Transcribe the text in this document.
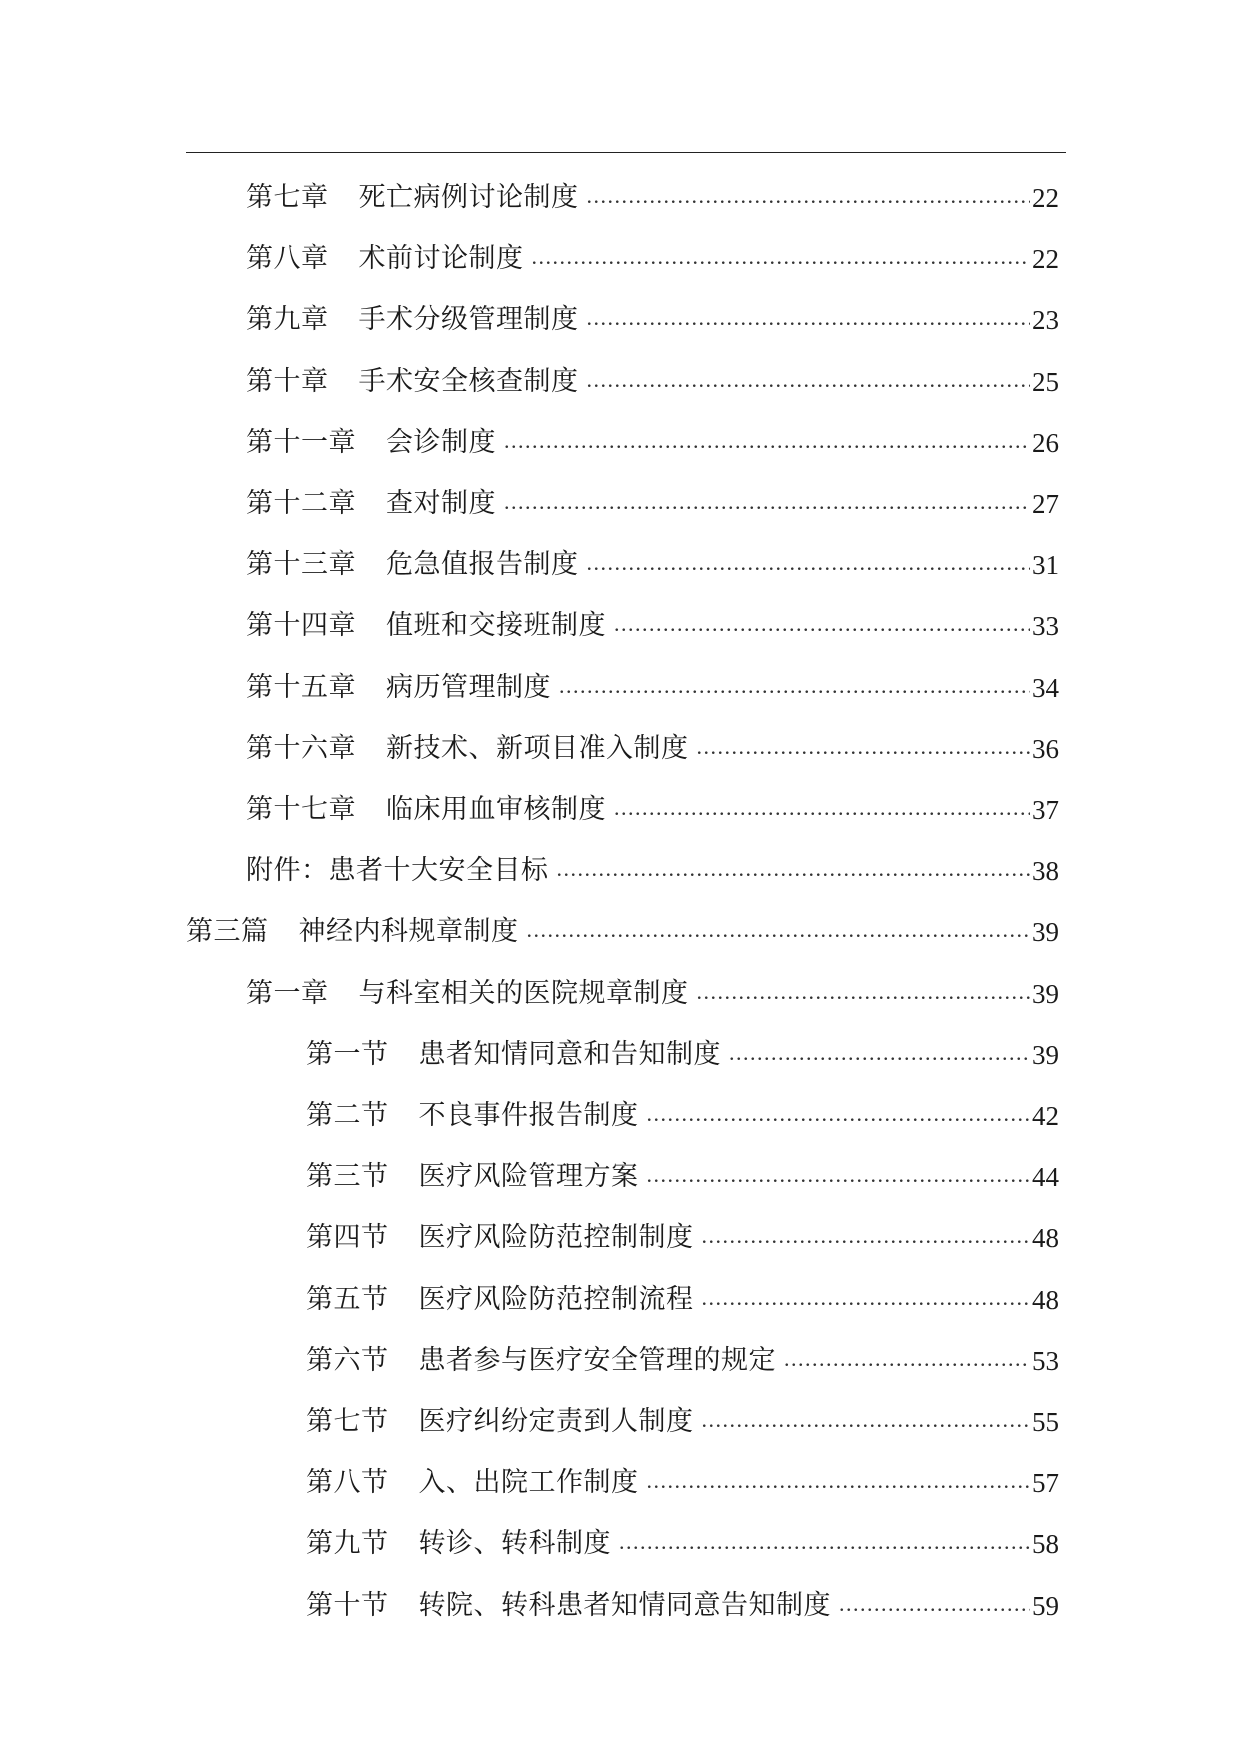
第七章 死亡病例讨论制度 .....	22
第八章 术前讨论制度 .....	22
第九章 手术分级管理制度 .....	23
第十章 手术安全核查制度 .....	25
第十一章 会诊制度 .....	26
第十二章 查对制度 .....	27
第十三章 危急值报告制度 .....	31
第十四章 值班和交接班制度 .....	33
第十五章 病历管理制度 .....	34
第十六章 新技术、新项目准入制度 .....	36
第十七章 临床用血审核制度 .....	37
附件：患者十大安全目标 .....	38
第三篇 神经内科规章制度 .....	39
第一章 与科室相关的医院规章制度 .....	39
第一节 患者知情同意和告知制度 .....	39
第二节 不良事件报告制度 .....	42
第三节 医疗风险管理方案 .....	44
第四节 医疗风险防范控制制度 .....	48
第五节 医疗风险防范控制流程 .....	48
第六节 患者参与医疗安全管理的规定 .....	53
第七节 医疗纠纷定责到人制度 .....	55
第八节 入、出院工作制度 .....	57
第九节 转诊、转科制度 .....	58
第十节 转院、转科患者知情同意告知制度 .....	59
